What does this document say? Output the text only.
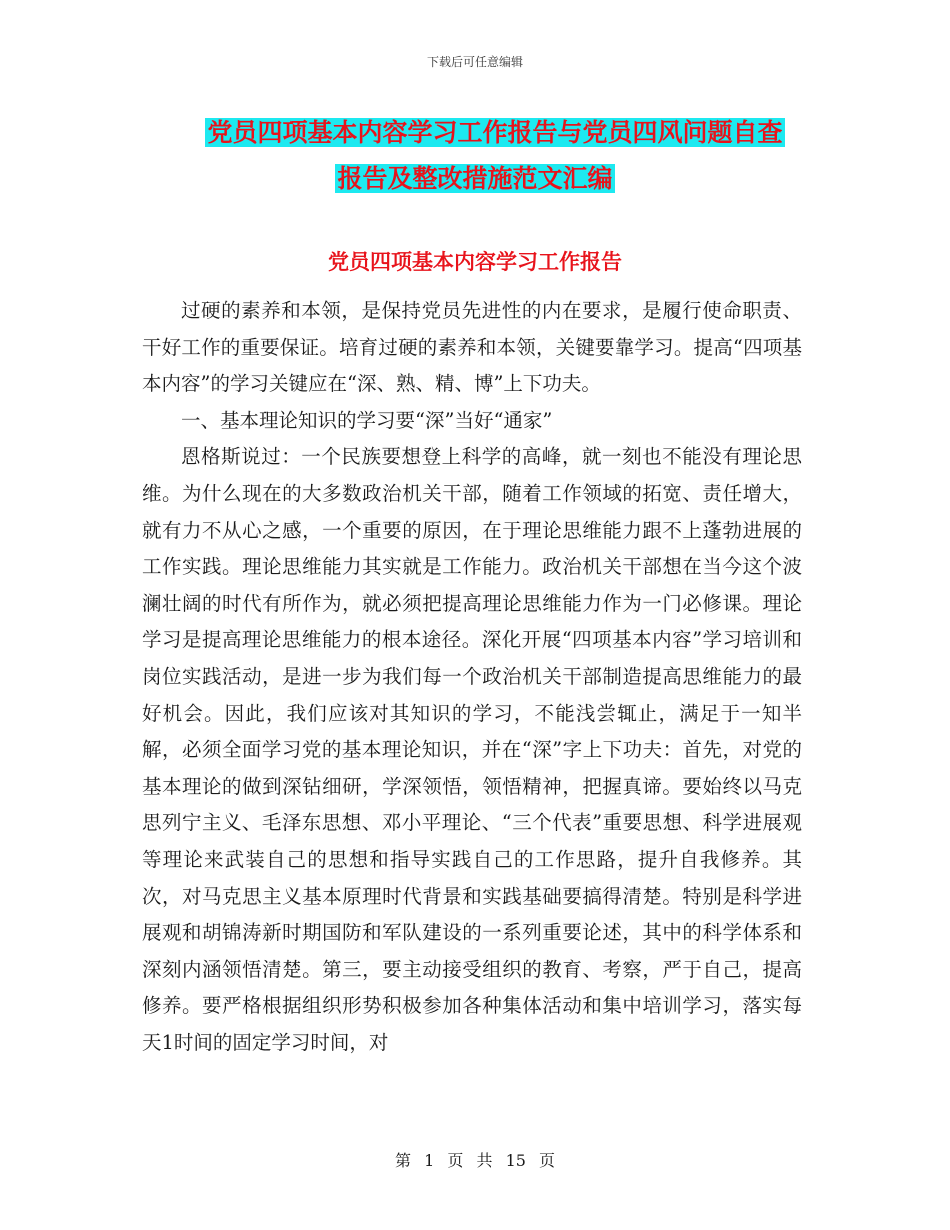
下载后可任意编辑
党员四项基本内容学习工作报告与党员四风问题自查
报告及整改措施范文汇编
党员四项基本内容学习工作报告

过硬的素养和本领，是保持党员先进性的内在要求，是履行使命职责、干好工作的重要保证。培育过硬的素养和本领，关键要靠学习。提高“四项基本内容”的学习关键应在“深、熟、精、博”上下功夫。

一、基本理论知识的学习要“深”当好“通家”

恩格斯说过：一个民族要想登上科学的高峰，就一刻也不能没有理论思维。为什么现在的大多数政治机关干部，随着工作领域的拓宽、责任增大，就有力不从心之感，一个重要的原因，在于理论思维能力跟不上蓬勃进展的工作实践。理论思维能力其实就是工作能力。政治机关干部想在当今这个波澜壮阔的时代有所作为，就必须把提高理论思维能力作为一门必修课。理论学习是提高理论思维能力的根本途径。深化开展“四项基本内容”学习培训和岗位实践活动，是进一步为我们每一个政治机关干部制造提高思维能力的最好机会。因此，我们应该对其知识的学习，不能浅尝辄止，满足于一知半解，必须全面学习党的基本理论知识，并在“深”字上下功夫：首先，对党的基本理论的做到深钻细研，学深领悟，领悟精神，把握真谛。要始终以马克思列宁主义、毛泽东思想、邓小平理论、“三个代表”重要思想、科学进展观等理论来武装自己的思想和指导实践自己的工作思路，提升自我修养。其次，对马克思主义基本原理时代背景和实践基础要搞得清楚。特别是科学进展观和胡锦涛新时期国防和军队建设的一系列重要论述，其中的科学体系和深刻内涵领悟清楚。第三，要主动接受组织的教育、考察，严于自己，提高修养。要严格根据组织形势积极参加各种集体活动和集中培训学习，落实每天1时间的固定学习时间，对

第 1 页 共 15 页
